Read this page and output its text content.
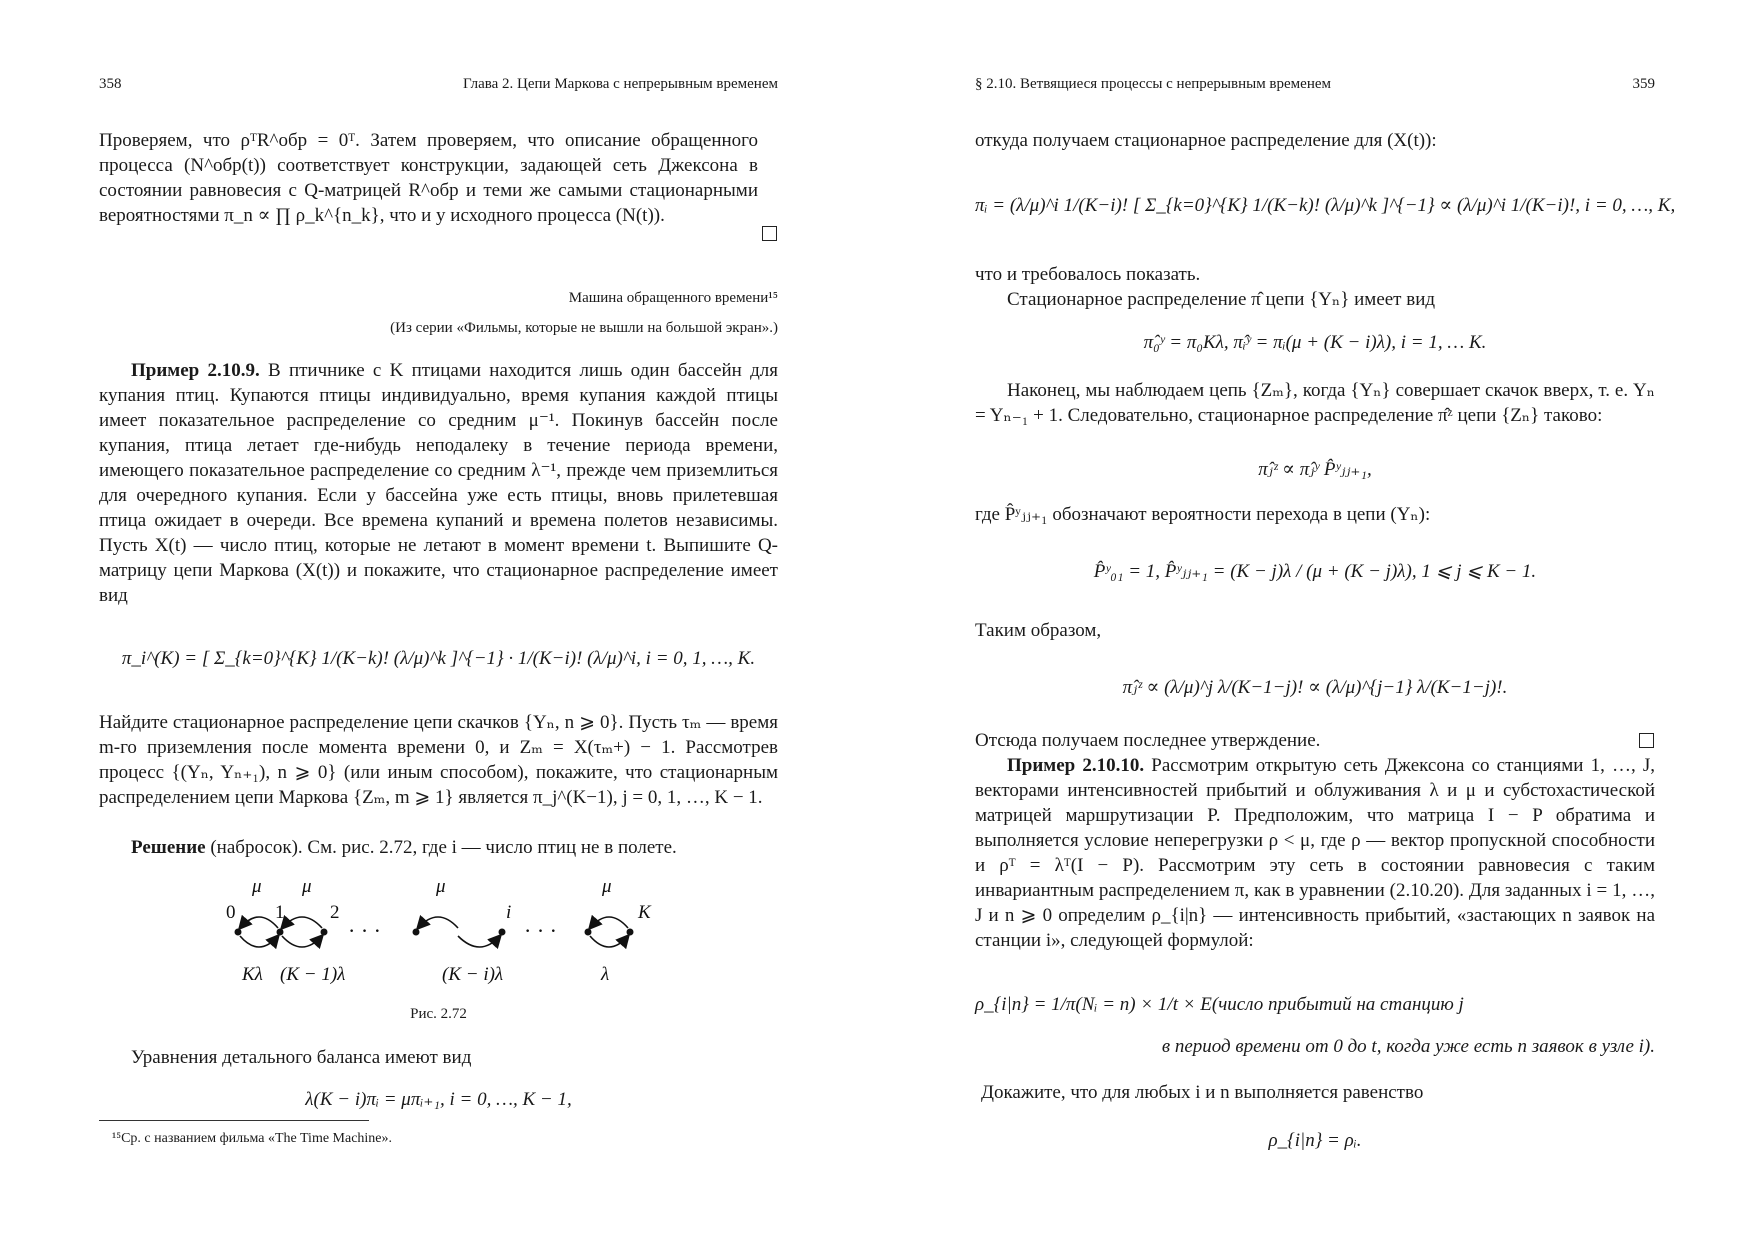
358	Глава 2. Цепи Маркова с непрерывным временем

Проверяем, что ρᵀR^обр = 0ᵀ. Затем проверяем, что описание обращенного процесса (N^обр(t)) соответствует конструкции, задающей сеть Джексона в состоянии равновесия с Q-матрицей R^обр и теми же самыми стационарными вероятностями π_n ∝ ∏ ρ_k^{n_k}, что и у исходного процесса (N(t)).

Машина обращенного времени¹⁵
(Из серии «Фильмы, которые не вышли на большой экран».)

Пример 2.10.9. В птичнике с K птицами находится лишь один бассейн для купания птиц. Купаются птицы индивидуально, время купания каждой птицы имеет показательное распределение со средним μ⁻¹. Покинув бассейн после купания, птица летает где-нибудь неподалеку в течение периода времени, имеющего показательное распределение со средним λ⁻¹, прежде чем приземлиться для очередного купания. Если у бассейна уже есть птицы, вновь прилетевшая птица ожидает в очереди. Все времена купаний и времена полетов независимы. Пусть X(t) — число птиц, которые не летают в момент времени t. Выпишите Q-матрицу цепи Маркова (X(t)) и покажите, что стационарное распределение имеет вид

π_i^(K) = [ Σ_{k=0}^{K} 1/(K−k)! (λ/μ)^k ]^{−1} · 1/(K−i)! (λ/μ)^i, i = 0, 1, …, K.

Найдите стационарное распределение цепи скачков {Yₙ, n ⩾ 0}. Пусть τₘ — время m-го приземления после момента времени 0, и Zₘ = X(τₘ+) − 1. Рассмотрев процесс {(Yₙ, Yₙ₊₁), n ⩾ 0} (или иным способом), покажите, что стационарным распределением цепи Маркова {Zₘ, m ⩾ 1} является π_j^(K−1), j = 0, 1, …, K − 1.

Решение (набросок). См. рис. 2.72, где i — число птиц не в полете.

μ μ	μ	μ
0 1 2	i	K
Kλ (K − 1)λ	(K − i)λ	λ
· · ·	· · ·
Рис. 2.72

Уравнения детального баланса имеют вид

λ(K − i)πᵢ = μπᵢ₊₁, i = 0, …, K − 1,
¹⁵Ср. с названием фильма «The Time Machine».
§ 2.10. Ветвящиеся процессы с непрерывным временем	359

откуда получаем стационарное распределение для (X(t)):

πᵢ = (λ/μ)^i 1/(K−i)! [ Σ_{k=0}^{K} 1/(K−k)! (λ/μ)^k ]^{−1} ∝ (λ/μ)^i 1/(K−i)!, i = 0, …, K,

что и требовалось показать.

Стационарное распределение π̂ цепи {Yₙ} имеет вид

π̂₀ʸ = π₀Kλ, π̂ᵢʸ = πᵢ(μ + (K − i)λ), i = 1, … K.

Наконец, мы наблюдаем цепь {Zₘ}, когда {Yₙ} совершает скачок вверх, т. е. Yₙ = Yₙ₋₁ + 1. Следовательно, стационарное распределение π̂ᶻ цепи {Zₙ} таково:

π̂ⱼᶻ ∝ π̂ⱼʸ P̂ʸⱼⱼ₊₁,

где P̂ʸⱼⱼ₊₁ обозначают вероятности перехода в цепи (Yₙ):

P̂ʸ₀₁ = 1, P̂ʸⱼⱼ₊₁ = (K − j)λ / (μ + (K − j)λ), 1 ⩽ j ⩽ K − 1.

Таким образом,

π̂ⱼᶻ ∝ (λ/μ)^j λ/(K−1−j)! ∝ (λ/μ)^{j−1} λ/(K−1−j)!.

Отсюда получаем последнее утверждение.

Пример 2.10.10. Рассмотрим открытую сеть Джексона со станциями 1, …, J, векторами интенсивностей прибытий и облуживания λ и μ и субстохастической матрицей маршрутизации P. Предположим, что матрица I − P обратима и выполняется условие неперегрузки ρ < μ, где ρ — вектор пропускной способности и ρᵀ = λᵀ(I − P). Рассмотрим эту сеть в состоянии равновесия с таким инвариантным распределением π, как в уравнении (2.10.20). Для заданных i = 1, …, J и n ⩾ 0 определим ρ_{i|n} — интенсивность прибытий, «застающих n заявок на станции i», следующей формулой:

ρ_{i|n} = 1/π(Nᵢ = n) × 1/t × E(число прибытий на станцию j
в период времени от 0 до t, когда уже есть n заявок в узле i).

Докажите, что для любых i и n выполняется равенство

ρ_{i|n} = ρᵢ.
